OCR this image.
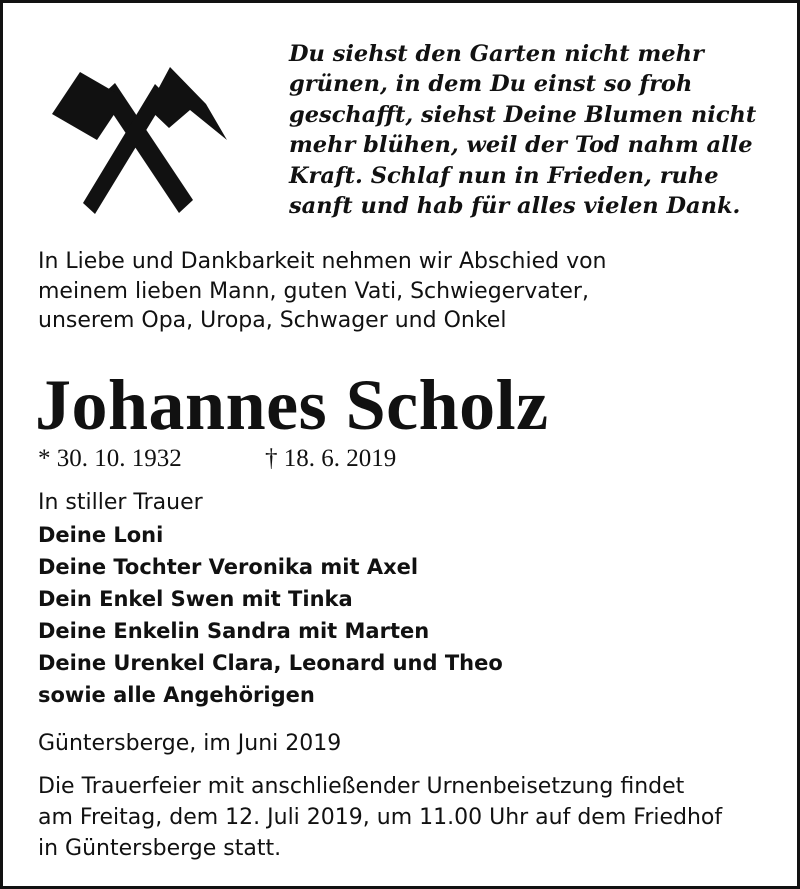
Du siehst den Garten nicht mehr
grünen, in dem Du einst so froh
geschafft, siehst Deine Blumen nicht
mehr blühen, weil der Tod nahm alle
Kraft. Schlaf nun in Frieden, ruhe
sanft und hab für alles vielen Dank.
In Liebe und Dankbarkeit nehmen wir Abschied von
meinem lieben Mann, guten Vati, Schwiegervater,
unserem Opa, Uropa, Schwager und Onkel
Johannes Scholz
* 30. 10. 1932	† 18. 6. 2019
In stiller Trauer
Deine Loni
Deine Tochter Veronika mit Axel
Dein Enkel Swen mit Tinka
Deine Enkelin Sandra mit Marten
Deine Urenkel Clara, Leonard und Theo
sowie alle Angehörigen
Güntersberge, im Juni 2019
Die Trauerfeier mit anschließender Urnenbeisetzung findet
am Freitag, dem 12. Juli 2019, um 11.00 Uhr auf dem Friedhof
in Güntersberge statt.
